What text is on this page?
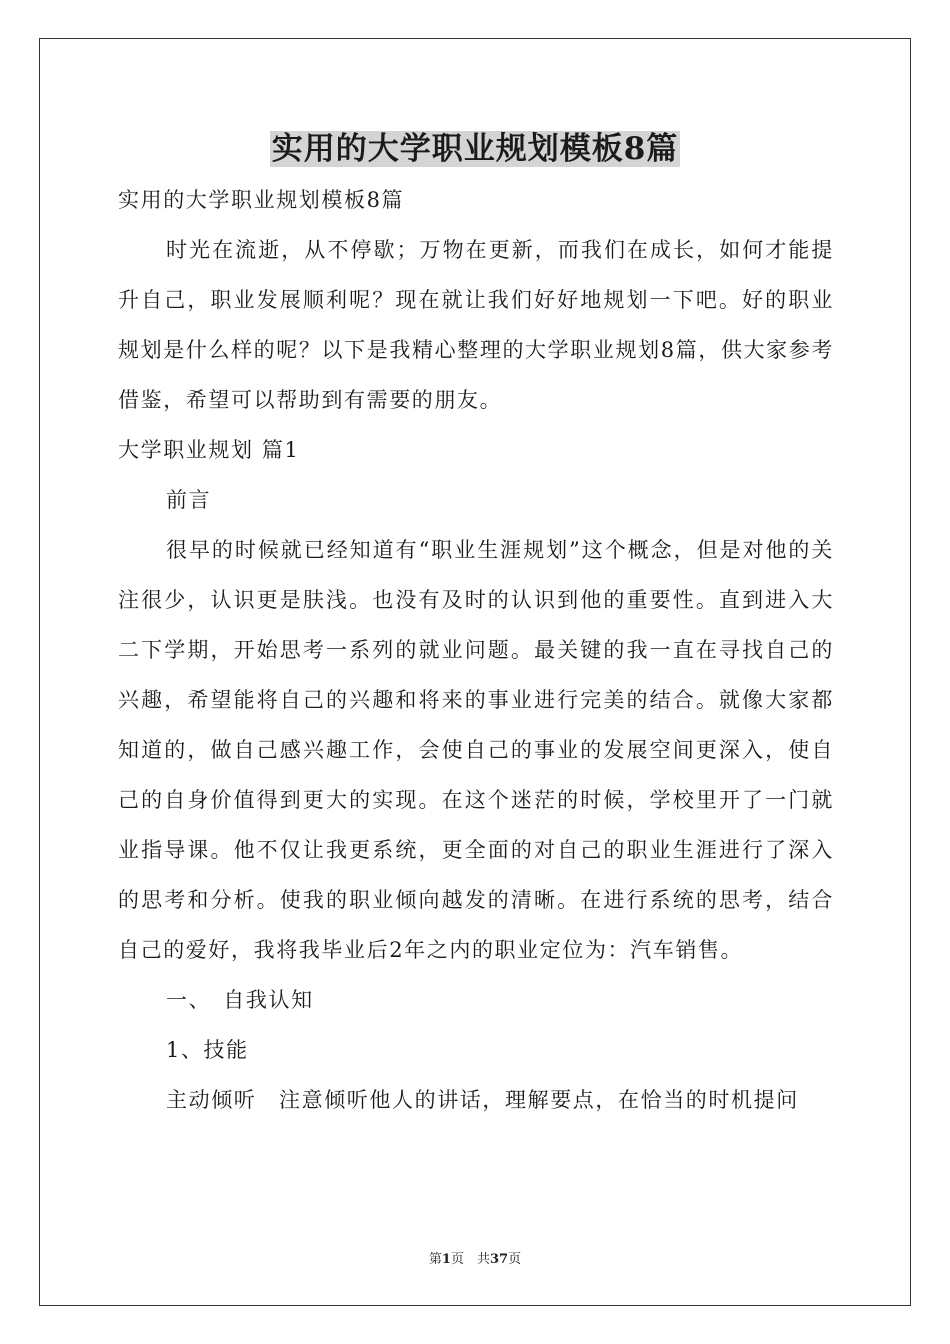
实用的大学职业规划模板8篇

实用的大学职业规划模板8篇

时光在流逝，从不停歇；万物在更新，而我们在成长，如何才能提升自己，职业发展顺利呢？现在就让我们好好地规划一下吧。好的职业规划是什么样的呢？以下是我精心整理的大学职业规划8篇，供大家参考借鉴，希望可以帮助到有需要的朋友。

大学职业规划 篇1

前言

很早的时候就已经知道有“职业生涯规划”这个概念，但是对他的关注很少，认识更是肤浅。也没有及时的认识到他的重要性。直到进入大二下学期，开始思考一系列的就业问题。最关键的我一直在寻找自己的兴趣，希望能将自己的兴趣和将来的事业进行完美的结合。就像大家都知道的，做自己感兴趣工作，会使自己的事业的发展空间更深入，使自己的自身价值得到更大的实现。在这个迷茫的时候，学校里开了一门就业指导课。他不仅让我更系统，更全面的对自己的职业生涯进行了深入的思考和分析。使我的职业倾向越发的清晰。在进行系统的思考，结合自己的爱好，我将我毕业后2年之内的职业定位为：汽车销售。

一、　自我认知

1、技能

主动倾听　注意倾听他人的讲话，理解要点，在恰当的时机提问

第1页　共37页
